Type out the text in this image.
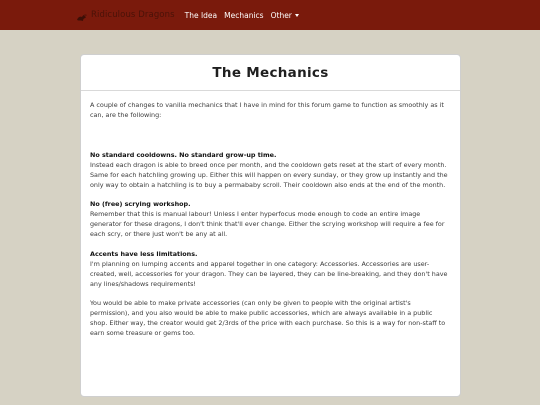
Ridiculous Dragons The Idea Mechanics Other
The Mechanics

A couple of changes to vanilla mechanics that I have in mind for this forum game to function as smoothly as it can, are the following:

No standard cooldowns. No standard grow-up time.

Instead each dragon is able to breed once per month, and the cooldown gets reset at the start of every month. Same for each hatchling growing up. Either this will happen on every sunday, or they grow up instantly and the only way to obtain a hatchling is to buy a permababy scroll. Their cooldown also ends at the end of the month.

No (free) scrying workshop.

Remember that this is manual labour! Unless I enter hyperfocus mode enough to code an entire image generator for these dragons, I don't think that'll ever change. Either the scrying workshop will require a fee for each scry, or there just won't be any at all.

Accents have less limitations.

I'm planning on lumping accents and apparel together in one category: Accessories. Accessories are user-created, well, accessories for your dragon. They can be layered, they can be line-breaking, and they don't have any lines/shadows requirements!

You would be able to make private accessories (can only be given to people with the original artist's permission), and you also would be able to make public accessories, which are always available in a public shop. Either way, the creator would get 2/3rds of the price with each purchase. So this is a way for non-staff to earn some treasure or gems too.
